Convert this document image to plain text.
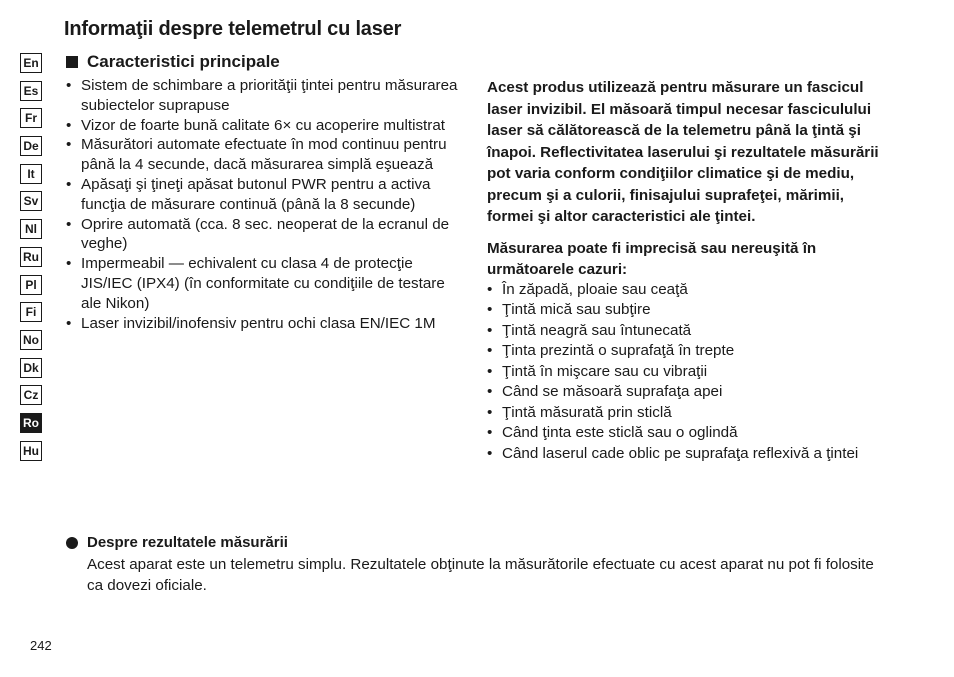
Informaţii despre telemetrul cu laser
En
Es
Fr
De
It
Sv
Nl
Ru
Pl
Fi
No
Dk
Cz
Ro
Hu
Caracteristici principale
• Sistem de schimbare a priorităţii ţintei pentru măsurarea subiectelor suprapuse
• Vizor de foarte bună calitate 6× cu acoperire multistrat
• Măsurători automate efectuate în mod continuu pentru până la 4 secunde, dacă măsurarea simplă eşuează
• Apăsaţi şi ţineţi apăsat butonul PWR pentru a activa funcţia de măsurare continuă (până la 8 secunde)
• Oprire automată (cca. 8 sec. neoperat de la ecranul de veghe)
• Impermeabil — echivalent cu clasa 4 de protecţie JIS/IEC (IPX4) (în conformitate cu condiţiile de testare ale Nikon)
• Laser invizibil/inofensiv pentru ochi clasa EN/IEC 1M

Acest produs utilizează pentru măsurare un fascicul laser invizibil. El măsoară timpul necesar fasciculului laser să călătorească de la telemetru până la ţintă şi înapoi. Reflectivitatea laserului şi rezultatele măsurării pot varia conform condiţiilor climatice şi de mediu, precum şi a culorii, finisajului suprafeţei, mărimii, formei şi altor caracteristici ale ţintei.

Măsurarea poate fi imprecisă sau nereuşită în următoarele cazuri:

• În zăpadă, ploaie sau ceaţă
• Ţintă mică sau subţire
• Ţintă neagră sau întunecată
• Ţinta prezintă o suprafaţă în trepte
• Ţintă în mişcare sau cu vibraţii
• Când se măsoară suprafaţa apei
• Ţintă măsurată prin sticlă
• Când ţinta este sticlă sau o oglindă
• Când laserul cade oblic pe suprafaţa reflexivă a ţintei
Despre rezultatele măsurării
Acest aparat este un telemetru simplu. Rezultatele obţinute la măsurătorile efectuate cu acest aparat nu pot fi folosite ca dovezi oficiale.
242
